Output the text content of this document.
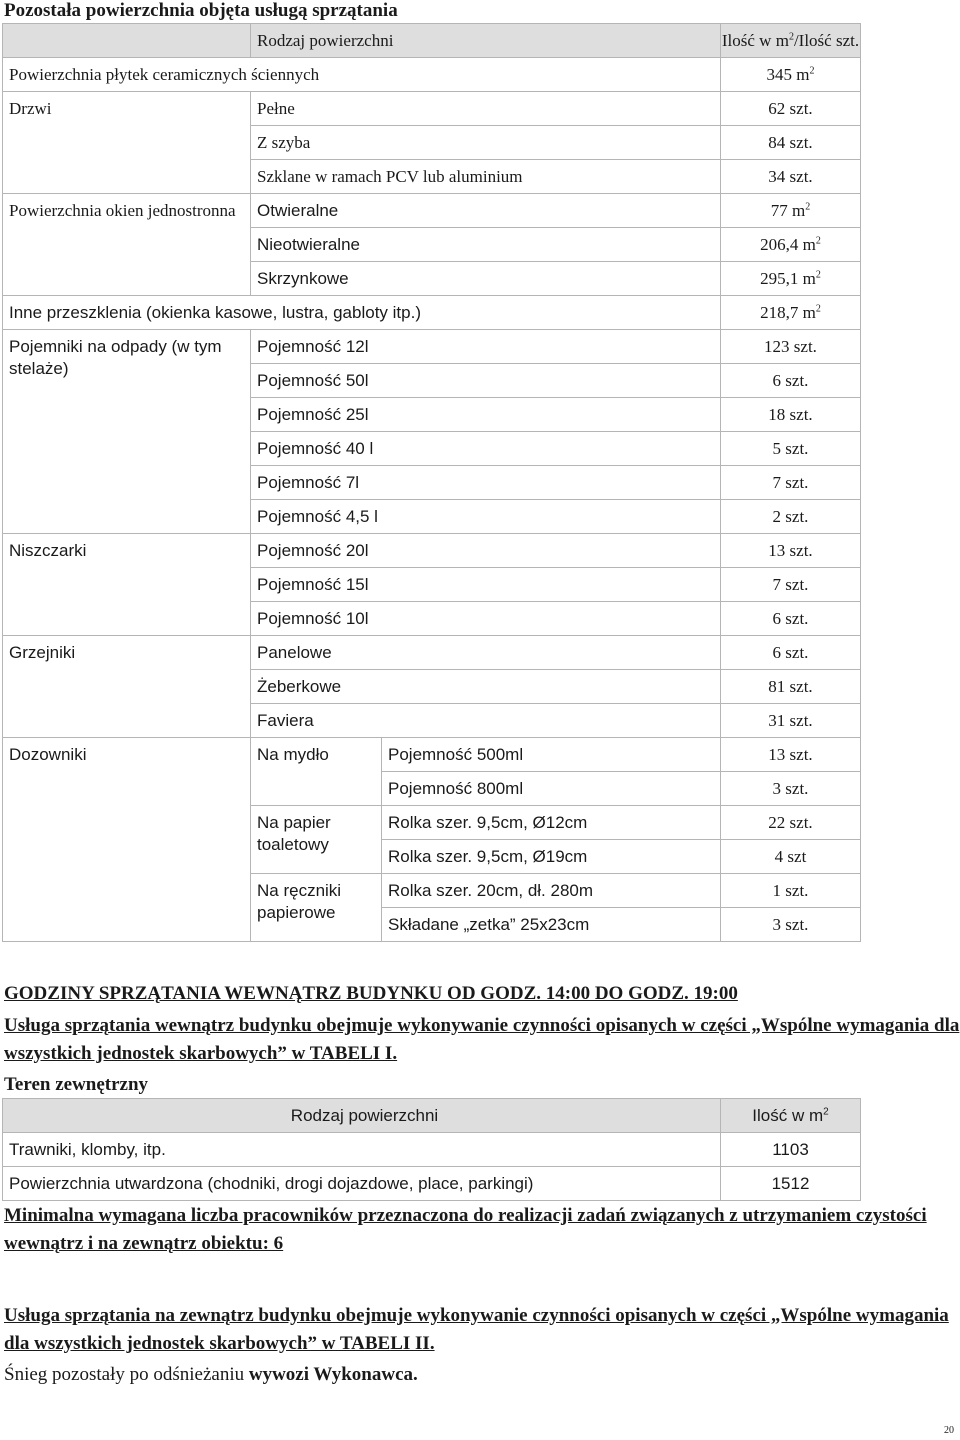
Pozostała powierzchnia objęta usługą sprzątania
	Rodzaj powierzchni		Ilość w $m^2$/Ilość szt.
Powierzchnia płytek ceramicznych ściennych			345 $m^2$
Drzwi	Pełne		62 szt.
	Z szyba		84 szt.
	Szklane w ramach PCV lub aluminium		34 szt.
Powierzchnia okien jednostronna	Otwieralne		77 $m^2$
	Nieotwieralne		206,4 $m^2$
	Skrzynkowe		295,1 $m^2$
Inne przeszklenia (okienka kasowe, lustra, gabloty itp.)			218,7 $m^2$
Pojemniki na odpady (w tym stelaże)	Pojemność 12l		123 szt.
	Pojemność 50l		6 szt.
	Pojemność 25l		18 szt.
	Pojemność 40 l		5 szt.
	Pojemność 7l		7 szt.
	Pojemność 4,5 l		2 szt.
Niszczarki	Pojemność 20l		13 szt.
	Pojemność 15l		7 szt.
	Pojemność 10l		6 szt.
Grzejniki	Panelowe		6 szt.
	Żeberkowe		81 szt.
	Faviera		31 szt.
Dozowniki	Na mydło	Pojemność 500ml	13 szt.
		Pojemność 800ml	3 szt.
	Na papier toaletowy	Rolka szer. 9,5cm, Ø12cm	22 szt.
		Rolka szer. 9,5cm, Ø19cm	4 szt
	Na ręczniki papierowe	Rolka szer. 20cm, dł. 280m	1 szt.
		Składane „zetka” 25x23cm	3 szt.
GODZINY SPRZĄTANIA WEWNĄTRZ BUDYNKU OD GODZ. 14:00 DO GODZ. 19:00
Usługa sprzątania wewnątrz budynku obejmuje wykonywanie czynności opisanych w części „Wspólne wymagania dla wszystkich jednostek skarbowych” w TABELI I.
Teren zewnętrzny
Rodzaj powierzchni	Ilość w $m^2$
Trawniki, klomby, itp.	1103
Powierzchnia utwardzona (chodniki, drogi dojazdowe, place, parkingi)	1512
Minimalna wymagana liczba pracowników przeznaczona do realizacji zadań związanych z utrzymaniem czystości wewnątrz i na zewnątrz obiektu: 6
Usługa sprzątania na zewnątrz budynku obejmuje wykonywanie czynności opisanych w części „Wspólne wymagania dla wszystkich jednostek skarbowych” w TABELI II.
Śnieg pozostały po odśnieżaniu wywozi Wykonawca.
20
